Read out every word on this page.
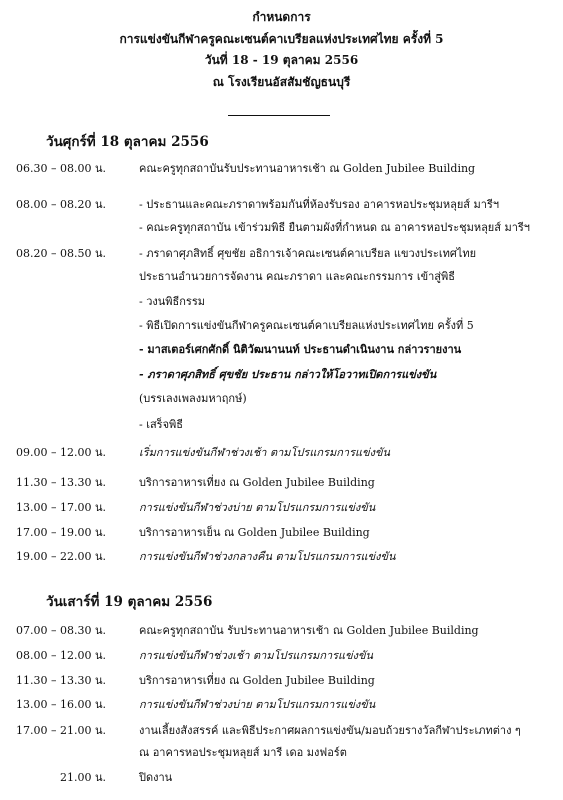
กำหนดการ
การแข่งขันกีฬาครูคณะเซนต์คาเบรียลแห่งประเทศไทย ครั้งที่ 5
วันที่ 18 - 19 ตุลาคม 2556
ณ โรงเรียนอัสสัมชัญธนบุรี
วันศุกร์ที่ 18 ตุลาคม 2556
06.30 – 08.00 น.	คณะครูทุกสถาบันรับประทานอาหารเช้า ณ Golden Jubilee Building
08.00 – 08.20 น.	- ประธานและคณะภราดาพร้อมกันที่ห้องรับรอง อาคารหอประชุมหลุยส์ มารีฯ
- คณะครูทุกสถาบัน เข้าร่วมพิธี ยืนตามผังที่กำหนด ณ อาคารหอประชุมหลุยส์ มารีฯ
08.20 – 08.50 น.	- ภราดาศุภสิทธิ์ ศุขชัย อธิการเจ้าคณะเซนต์คาเบรียล แขวงประเทศไทย
ประธานอำนวยการจัดงาน คณะภราดา และคณะกรรมการ เข้าสู่พิธี
- วงนพิธีกรรม
- พิธีเปิดการแข่งขันกีฬาครูคณะเซนต์คาเบรียลแห่งประเทศไทย ครั้งที่ 5
- มาสเตอร์เศกศักดิ์ นิติวัฒนานนท์ ประธานดำเนินงาน กล่าวรายงาน
- ภราดาศุภสิทธิ์ ศุขชัย ประธาน กล่าวให้โอวาทเปิดการแข่งขัน
(บรรเลงเพลงมหาฤกษ์)
- เสร็จพิธี
09.00 – 12.00 น.	เริ่มการแข่งขันกีฬาช่วงเช้า ตามโปรแกรมการแข่งขัน
11.30 – 13.30 น.	บริการอาหารเที่ยง ณ Golden Jubilee Building
13.00 – 17.00 น.	การแข่งขันกีฬาช่วงบ่าย ตามโปรแกรมการแข่งขัน
17.00 – 19.00 น.	บริการอาหารเย็น ณ Golden Jubilee Building
19.00 – 22.00 น.	การแข่งขันกีฬาช่วงกลางคืน ตามโปรแกรมการแข่งขัน
วันเสาร์ที่ 19 ตุลาคม 2556
07.00 – 08.30 น.	คณะครูทุกสถาบัน รับประทานอาหารเช้า ณ Golden Jubilee Building
08.00 – 12.00 น.	การแข่งขันกีฬาช่วงเช้า ตามโปรแกรมการแข่งขัน
11.30 – 13.30 น.	บริการอาหารเที่ยง ณ Golden Jubilee Building
13.00 – 16.00 น.	การแข่งขันกีฬาช่วงบ่าย ตามโปรแกรมการแข่งขัน
17.00 – 21.00 น.	งานเลี้ยงสังสรรค์ และพิธีประกาศผลการแข่งขัน/มอบถ้วยรางวัลกีฬาประเภทต่าง ๆ
ณ อาคารหอประชุมหลุยส์ มารี เดอ มงฟอร์ต
21.00 น.	ปิดงาน
